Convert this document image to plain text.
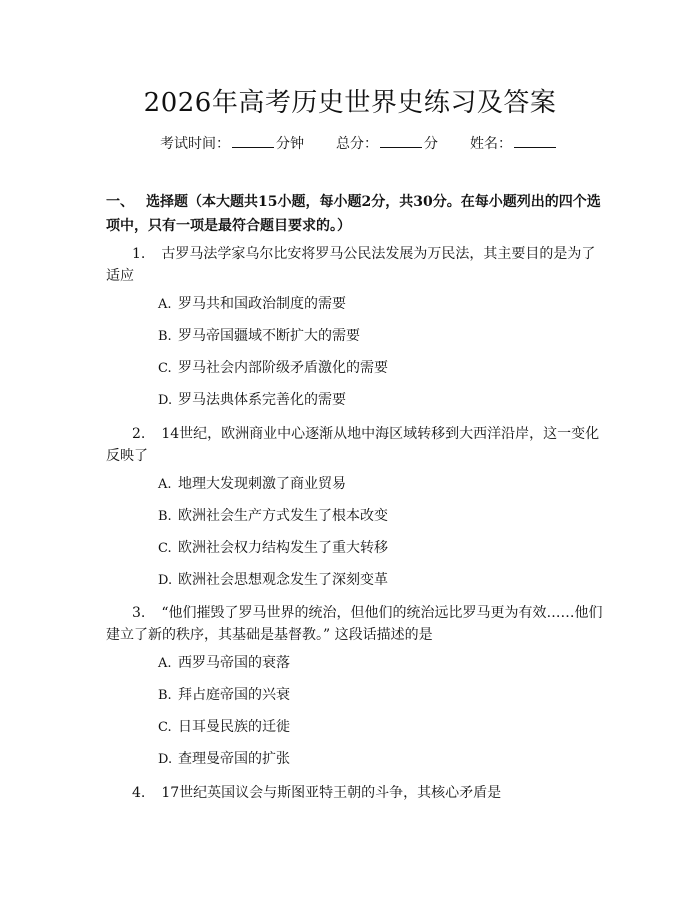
2026年高考历史世界史练习及答案
考试时间：	分钟 总分：	分 姓名：
一、 选择题（本大题共15小题，每小题2分，共30分。在每小题列出的四个选项中，只有一项是最符合题目要求的。）
1. 古罗马法学家乌尔比安将罗马公民法发展为万民法，其主要目的是为了适应
A. 罗马共和国政治制度的需要
B. 罗马帝国疆域不断扩大的需要
C. 罗马社会内部阶级矛盾激化的需要
D. 罗马法典体系完善化的需要
2. 14世纪，欧洲商业中心逐渐从地中海区域转移到大西洋沿岸，这一变化反映了
A. 地理大发现刺激了商业贸易
B. 欧洲社会生产方式发生了根本改变
C. 欧洲社会权力结构发生了重大转移
D. 欧洲社会思想观念发生了深刻变革
3. “他们摧毁了罗马世界的统治，但他们的统治远比罗马更为有效……他们建立了新的秩序，其基础是基督教。” 这段话描述的是
A. 西罗马帝国的衰落
B. 拜占庭帝国的兴衰
C. 日耳曼民族的迁徙
D. 查理曼帝国的扩张
4. 17世纪英国议会与斯图亚特王朝的斗争，其核心矛盾是
